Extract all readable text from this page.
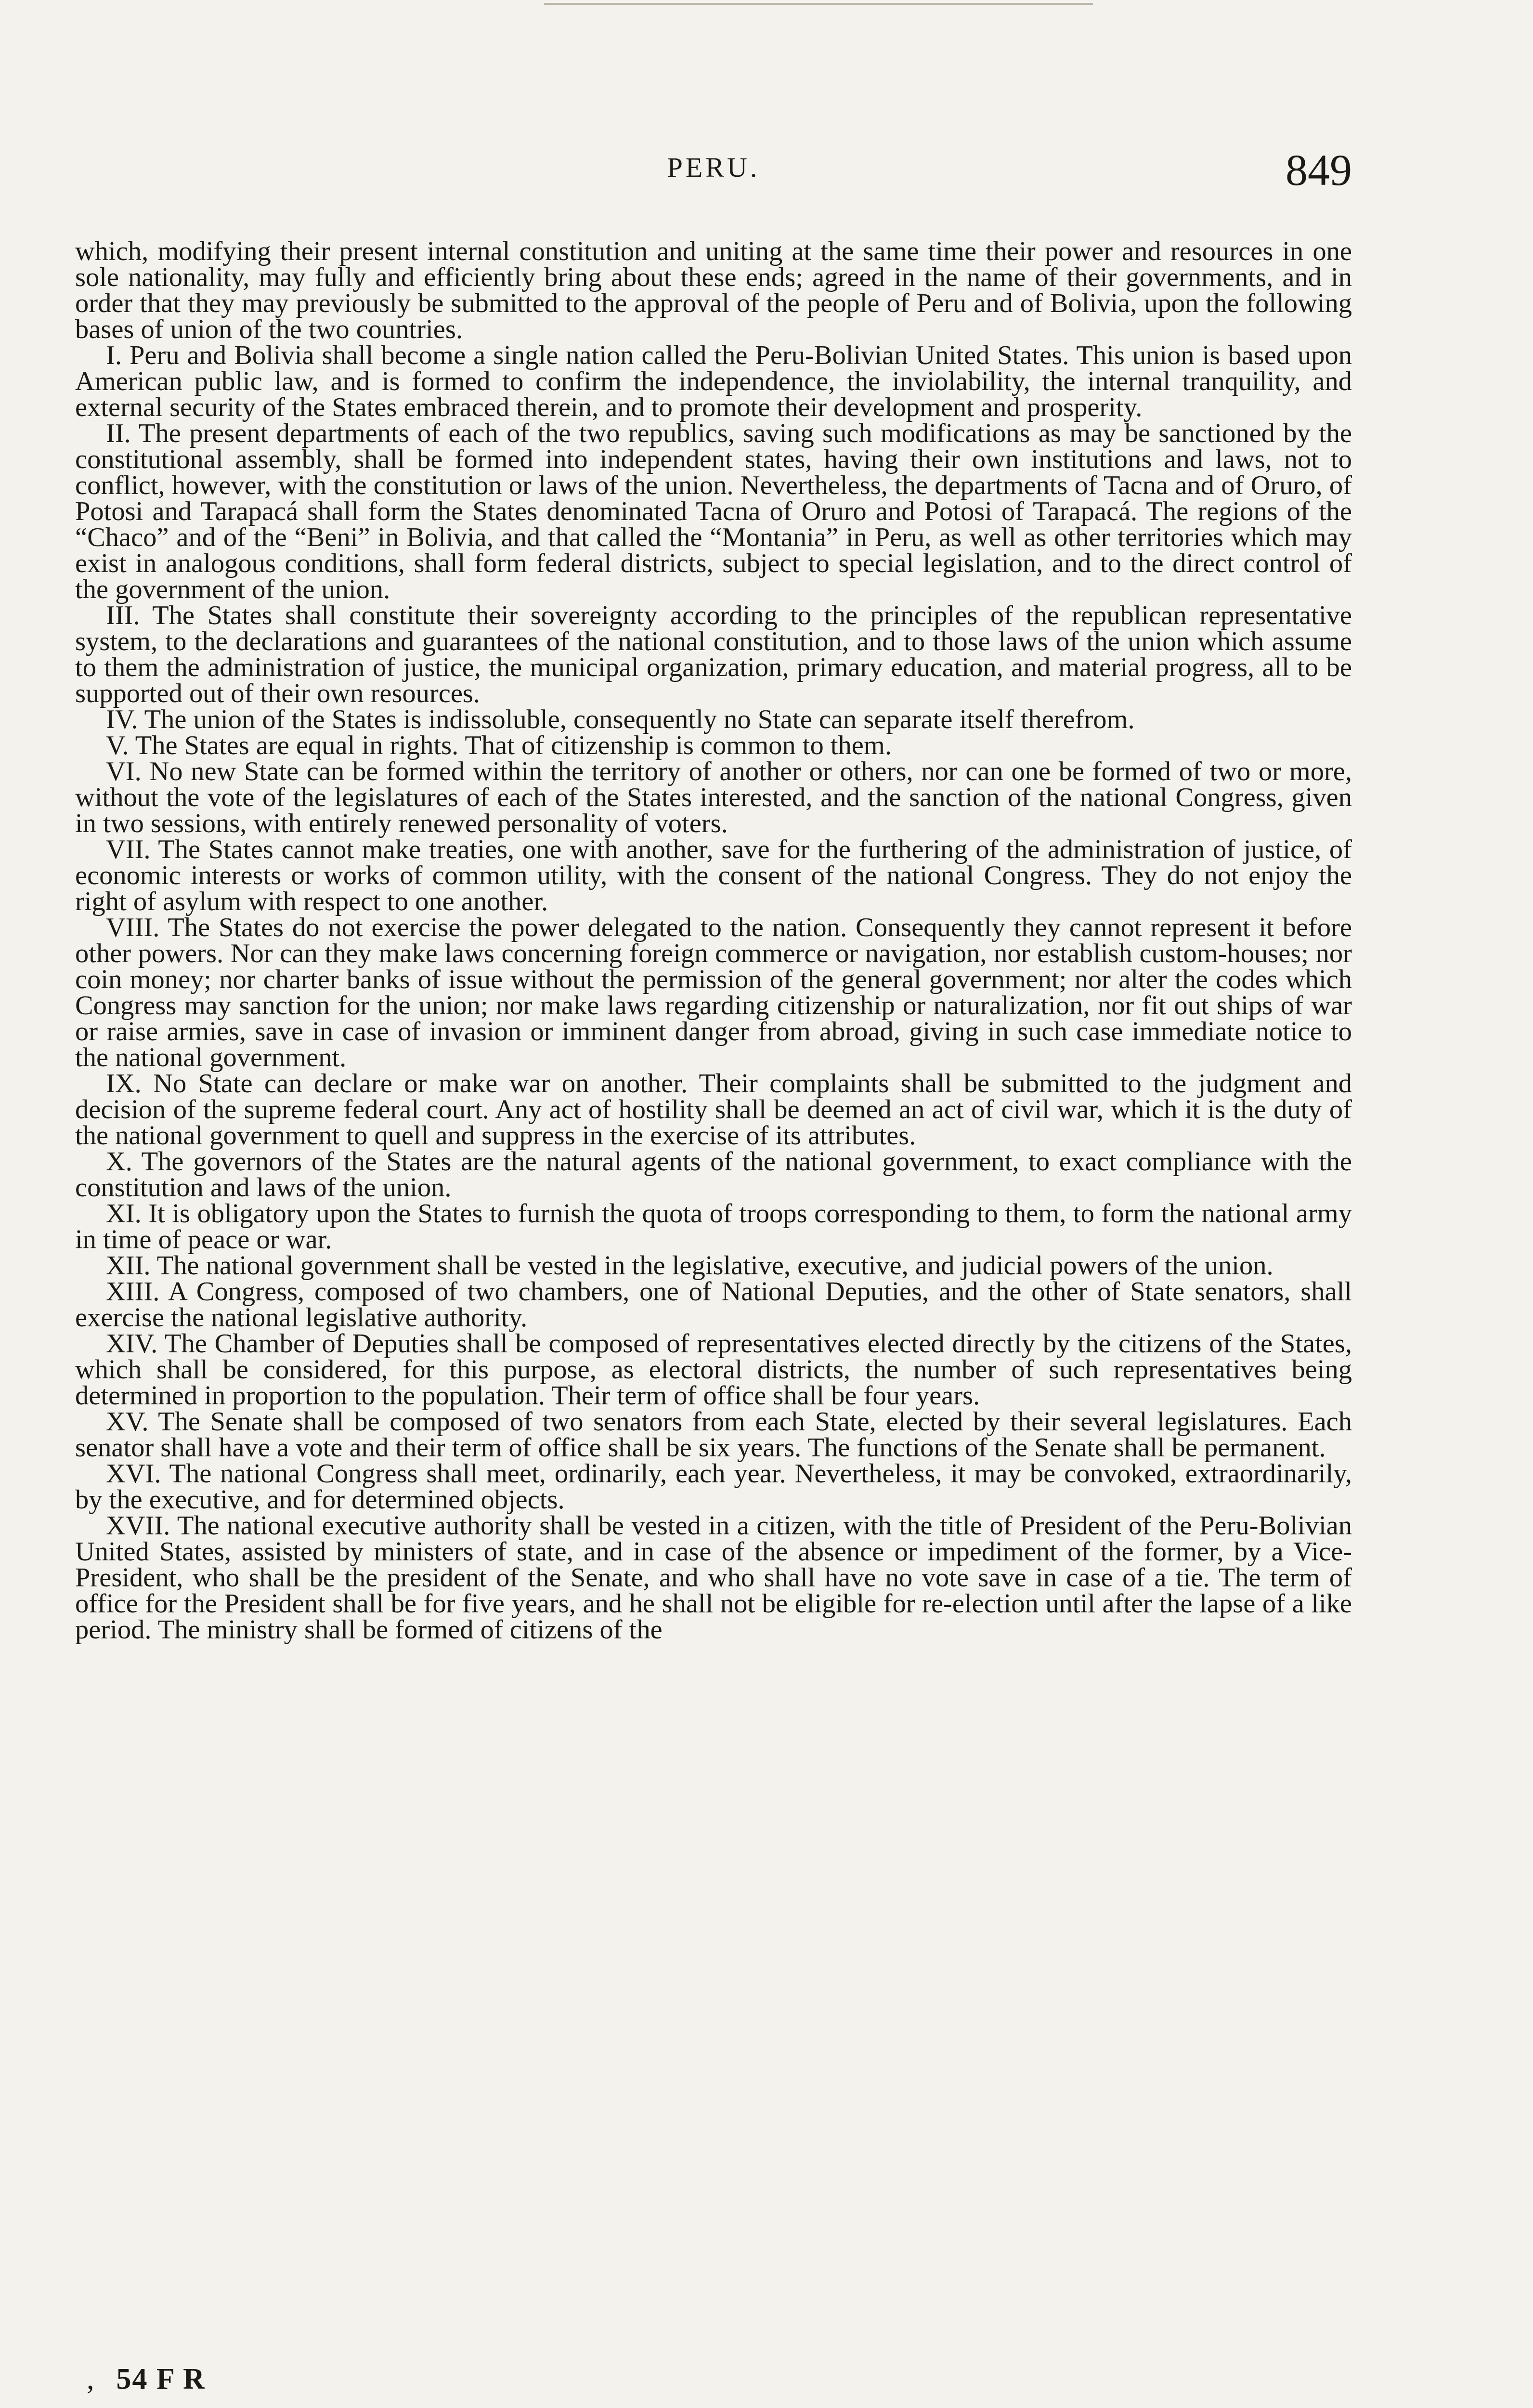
PERU.	849

which, modifying their present internal constitution and uniting at the same time their power and resources in one sole nationality, may fully and efficiently bring about these ends; agreed in the name of their governments, and in order that they may previously be submitted to the approval of the people of Peru and of Bolivia, upon the following bases of union of the two countries.

I. Peru and Bolivia shall become a single nation called the Peru-Bolivian United States. This union is based upon American public law, and is formed to confirm the independence, the inviolability, the internal tranquility, and external security of the States embraced therein, and to promote their development and prosperity.

II. The present departments of each of the two republics, saving such modifications as may be sanctioned by the constitutional assembly, shall be formed into independent states, having their own institutions and laws, not to conflict, however, with the constitution or laws of the union. Nevertheless, the departments of Tacna and of Oruro, of Potosi and Tarapacá shall form the States denominated Tacna of Oruro and Potosi of Tarapacá. The regions of the “Chaco” and of the “Beni” in Bolivia, and that called the “Montania” in Peru, as well as other territories which may exist in analogous conditions, shall form federal districts, subject to special legislation, and to the direct control of the government of the union.

III. The States shall constitute their sovereignty according to the principles of the republican representative system, to the declarations and guarantees of the national constitution, and to those laws of the union which assume to them the administration of justice, the municipal organization, primary education, and material progress, all to be supported out of their own resources.

IV. The union of the States is indissoluble, consequently no State can separate itself therefrom.

V. The States are equal in rights. That of citizenship is common to them.

VI. No new State can be formed within the territory of another or others, nor can one be formed of two or more, without the vote of the legislatures of each of the States interested, and the sanction of the national Congress, given in two sessions, with entirely renewed personality of voters.

VII. The States cannot make treaties, one with another, save for the furthering of the administration of justice, of economic interests or works of common utility, with the consent of the national Congress. They do not enjoy the right of asylum with respect to one another.

VIII. The States do not exercise the power delegated to the nation. Consequently they cannot represent it before other powers. Nor can they make laws concerning foreign commerce or navigation, nor establish custom-houses; nor coin money; nor charter banks of issue without the permission of the general government; nor alter the codes which Congress may sanction for the union; nor make laws regarding citizenship or naturalization, nor fit out ships of war or raise armies, save in case of invasion or imminent danger from abroad, giving in such case immediate notice to the national government.

IX. No State can declare or make war on another. Their complaints shall be submitted to the judgment and decision of the supreme federal court. Any act of hostility shall be deemed an act of civil war, which it is the duty of the national government to quell and suppress in the exercise of its attributes.

X. The governors of the States are the natural agents of the national government, to exact compliance with the constitution and laws of the union.

XI. It is obligatory upon the States to furnish the quota of troops corresponding to them, to form the national army in time of peace or war.

XII. The national government shall be vested in the legislative, executive, and judicial powers of the union.

XIII. A Congress, composed of two chambers, one of National Deputies, and the other of State senators, shall exercise the national legislative authority.

XIV. The Chamber of Deputies shall be composed of representatives elected directly by the citizens of the States, which shall be considered, for this purpose, as electoral districts, the number of such representatives being determined in proportion to the population. Their term of office shall be four years.

XV. The Senate shall be composed of two senators from each State, elected by their several legislatures. Each senator shall have a vote and their term of office shall be six years. The functions of the Senate shall be permanent.

XVI. The national Congress shall meet, ordinarily, each year. Nevertheless, it may be convoked, extraordinarily, by the executive, and for determined objects.

XVII. The national executive authority shall be vested in a citizen, with the title of President of the Peru-Bolivian United States, assisted by ministers of state, and in case of the absence or impediment of the former, by a Vice-President, who shall be the president of the Senate, and who shall have no vote save in case of a tie. The term of office for the President shall be for five years, and he shall not be eligible for re-election until after the lapse of a like period. The ministry shall be formed of citizens of the

, 54 F R
